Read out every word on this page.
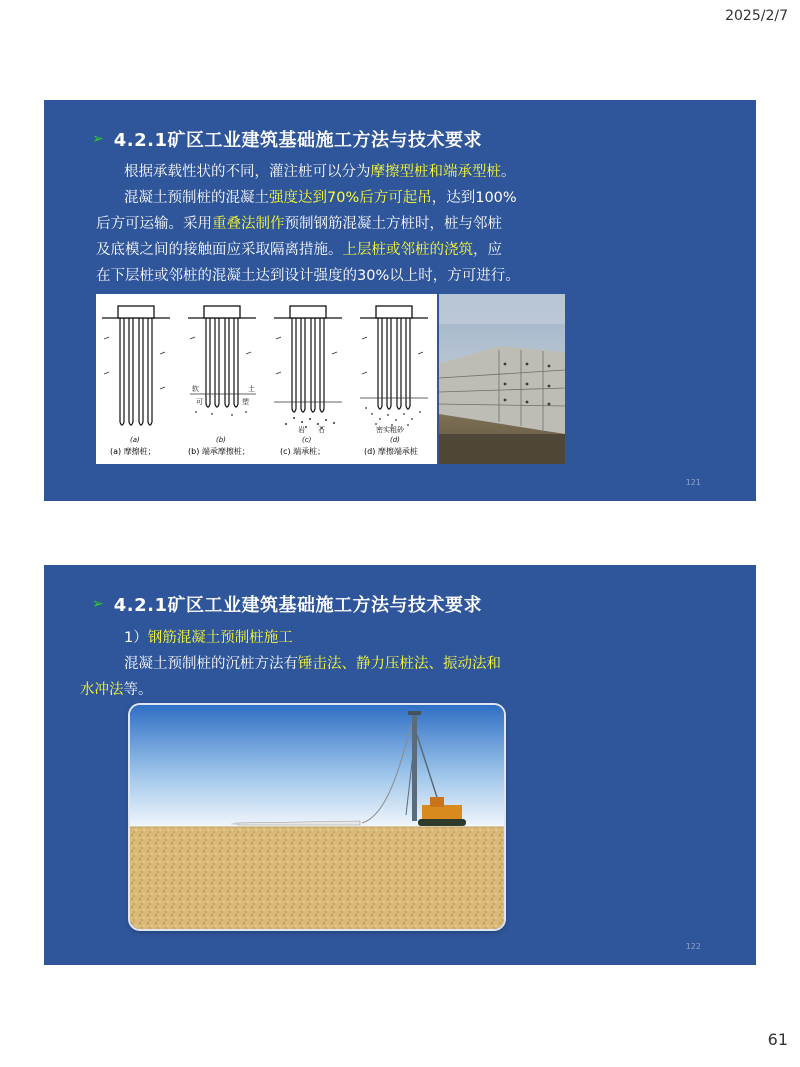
2025/2/7
➢ 4.2.1矿区工业建筑基础施工方法与技术要求
根据承载性状的不同，灌注桩可以分为摩擦型桩和端承型桩。
混凝土预制桩的混凝土强度达到70%后方可起吊，达到100%
后方可运输。采用重叠法制作预制钢筋混凝土方桩时，桩与邻桩
及底模之间的接触面应采取隔离措施。上层桩或邻桩的浇筑，应
在下层桩或邻桩的混凝土达到设计强度的30%以上时，方可进行。
软	土
可	塑
岩 石	密实粗砂
(a)	(b)	(c)	(d)
(a) 摩擦桩；	(b) 端承摩擦桩；	(c) 端承桩；	(d) 摩擦端承桩
121
➢ 4.2.1矿区工业建筑基础施工方法与技术要求
1）钢筋混凝土预制桩施工
混凝土预制桩的沉桩方法有锤击法、静力压桩法、振动法和
水冲法等。
122
61
